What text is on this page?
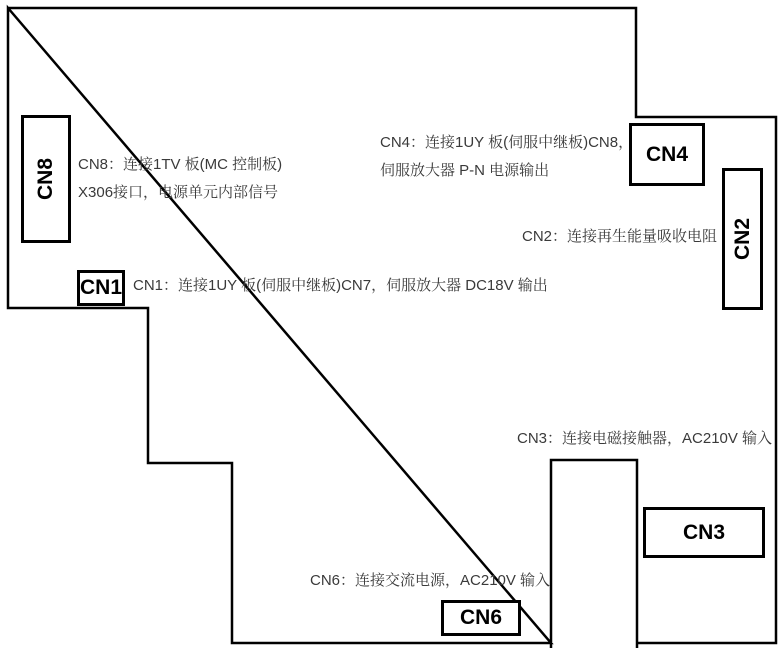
CN8
CN1
CN4
CN2
CN3
CN6
CN8：连接1TV 板(MC 控制板)
X306接口，电源单元内部信号
CN4：连接1UY 板(伺服中继板)CN8，
伺服放大器 P-N 电源输出
CN2：连接再生能量吸收电阻
CN1：连接1UY 板(伺服中继板)CN7，伺服放大器 DC18V 输出
CN3：连接电磁接触器，AC210V 输入
CN6：连接交流电源，AC210V 输入
